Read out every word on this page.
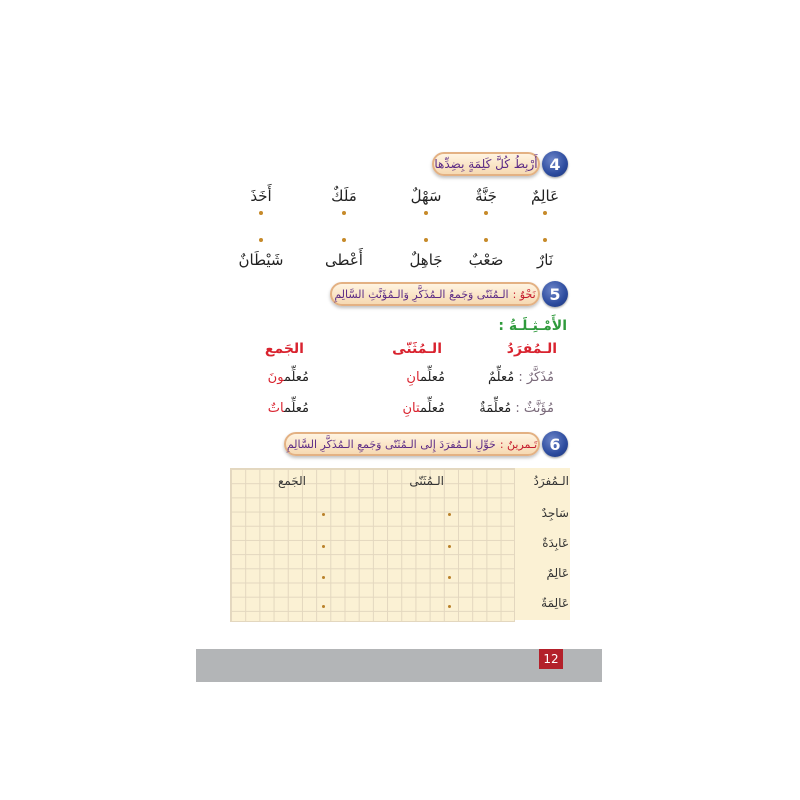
4
أَرْبِطُ كُلَّ كَلِمَةٍ بِضِدِّها
عَالِمٌ
جَنَّةٌ
سَهْلٌ
مَلَكٌ
أَخَذَ
نَارٌ
صَعْبٌ
جَاهِلٌ
أَعْطى
شَيْطَانٌ
5
نَحْوٌ :
الـمُثَنّى وَجَمعُ الـمُذَكَّرِ وَالـمُؤَنَّثِ السَّالِمِ
الأَمْـثِـلَـةُ :
الـمُفرَدُ
الـمُثَنّى
الجَمع
مُذَكَّرٌ : مُعلِّمٌ
مُعلِّمانِ
مُعلِّمونَ
مُؤَنَّثٌ : مُعلِّمَةٌ
مُعلِّمتانِ
مُعلِّماتٌ
6
تَـمرينٌ :
حَوِّلِ الـمُفرَدَ إِلى الـمُثَنّى وَجَمعِ الـمُذَكَّرِ السَّالِمِ
الـمُفرَدُ
الـمُثَنّى
الجَمع
سَاجِدٌ
عَابِدَةٌ
عَالِمٌ
عَالِمَةٌ
12
